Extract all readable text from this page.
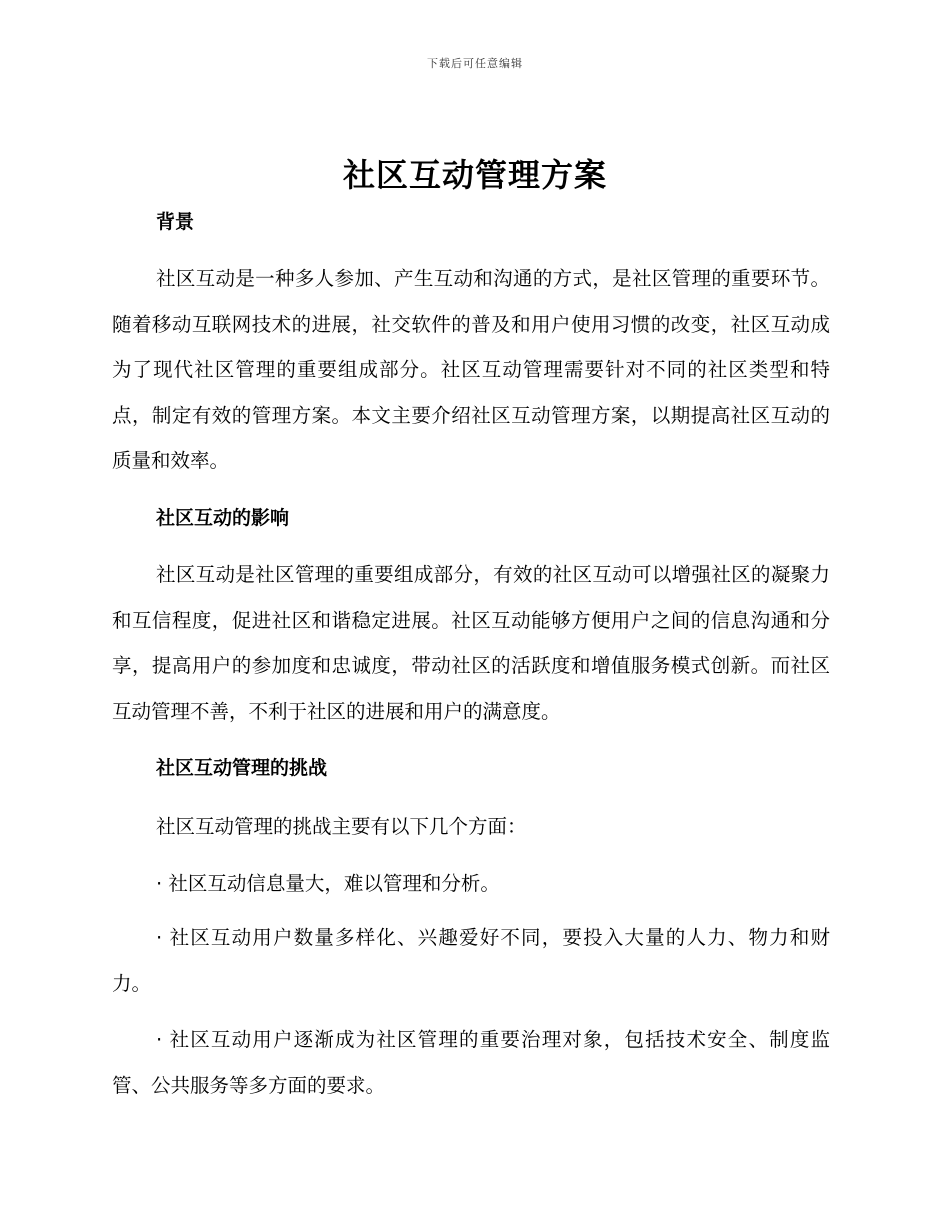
下载后可任意编辑
社区互动管理方案
背景
社区互动是一种多人参加、产生互动和沟通的方式，是社区管理的重要环节。随着移动互联网技术的进展，社交软件的普及和用户使用习惯的改变，社区互动成为了现代社区管理的重要组成部分。社区互动管理需要针对不同的社区类型和特点，制定有效的管理方案。本文主要介绍社区互动管理方案，以期提高社区互动的质量和效率。
社区互动的影响
社区互动是社区管理的重要组成部分，有效的社区互动可以增强社区的凝聚力和互信程度，促进社区和谐稳定进展。社区互动能够方便用户之间的信息沟通和分享，提高用户的参加度和忠诚度，带动社区的活跃度和增值服务模式创新。而社区互动管理不善，不利于社区的进展和用户的满意度。
社区互动管理的挑战
社区互动管理的挑战主要有以下几个方面：
· 社区互动信息量大，难以管理和分析。
· 社区互动用户数量多样化、兴趣爱好不同，要投入大量的人力、物力和财力。
· 社区互动用户逐渐成为社区管理的重要治理对象，包括技术安全、制度监管、公共服务等多方面的要求。
